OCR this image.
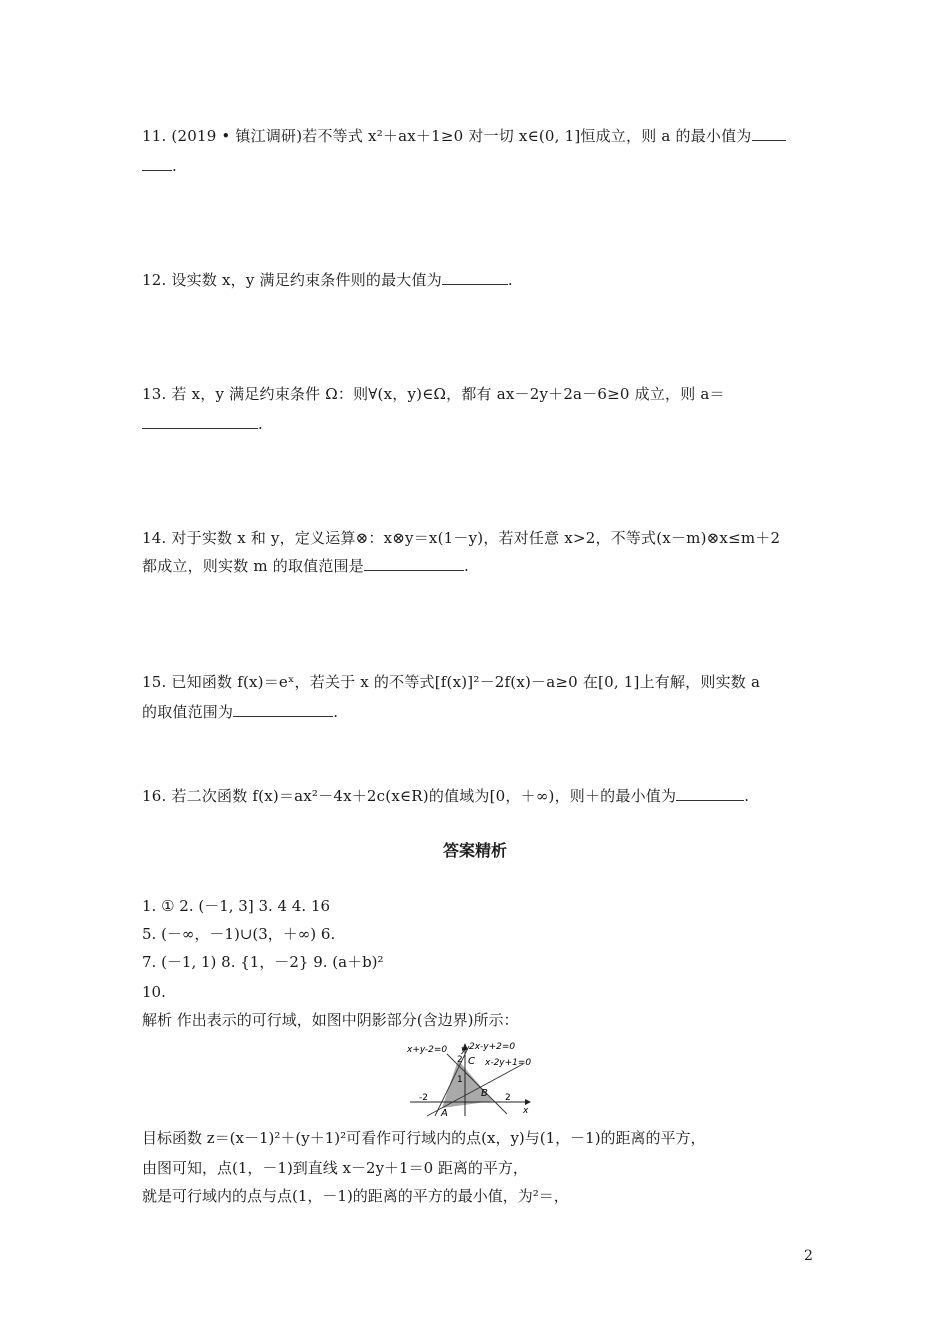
11. (2019 • 镇江调研)若不等式 x²＋ax＋1≥0 对一切 x∈(0, 1]恒成立，则 a 的最小值为
.
12. 设实数 x，y 满足约束条件则的最大值为	.
13. 若 x，y 满足约束条件 Ω：则∀(x，y)∈Ω，都有 ax－2y＋2a－6≥0 成立，则 a＝
.
14. 对于实数 x 和 y，定义运算⊗：x⊗y＝x(1－y)，若对任意 x>2，不等式(x－m)⊗x≤m＋2
都成立，则实数 m 的取值范围是	.
15. 已知函数 f(x)＝eˣ，若关于 x 的不等式[f(x)]²－2f(x)－a≥0 在[0, 1]上有解，则实数 a
的取值范围为	.
16. 若二次函数 f(x)＝ax²－4x＋2c(x∈R)的值域为[0，＋∞)，则＋的最小值为	.
答案精析
1. ① 2. (－1, 3] 3. 4 4. 16
5. (－∞，－1)∪(3，＋∞) 6.
7. (－1, 1) 8. {1，－2} 9. (a＋b)²
10.
解析 作出表示的可行域，如图中阴影部分(含边界)所示：
x+y-2=0 2x-y+2=0
x-2y+1=0
y
x
2
1
-2	2
A
B
C
目标函数 z＝(x－1)²＋(y＋1)²可看作可行域内的点(x，y)与(1，－1)的距离的平方，
由图可知，点(1，－1)到直线 x－2y＋1＝0 距离的平方，
就是可行域内的点与点(1，－1)的距离的平方的最小值，为²＝，
2
